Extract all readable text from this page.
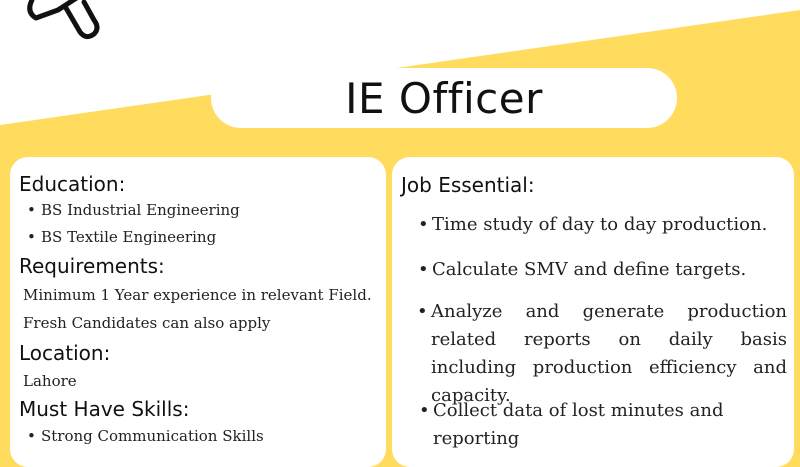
IE Officer
Education:
• BS Industrial Engineering
• BS Textile Engineering
Requirements:
Minimum 1 Year experience in relevant Field.
Fresh Candidates can also apply
Location:
Lahore
Must Have Skills:
• Strong Communication Skills
Job Essential:
• Time study of day to day production.
• Calculate SMV and define targets.
• Analyze and generate production related reports on daily basis including production efficiency and capacity.
• Collect data of lost minutes and
reporting
